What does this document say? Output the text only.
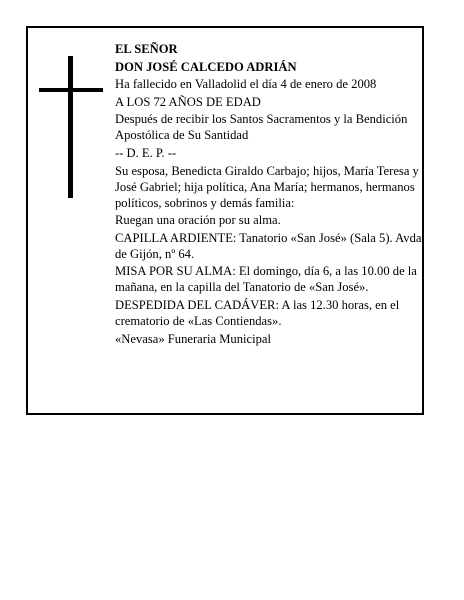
EL SEÑOR

DON JOSÉ CALCEDO ADRIÁN

Ha fallecido en Valladolid el día 4 de enero de 2008

A LOS 72 AÑOS DE EDAD

Después de recibir los Santos Sacramentos y la Bendición Apostólica de Su Santidad

-- D. E. P. --

Su esposa, Benedicta Giraldo Carbajo; hijos, María Teresa y José Gabriel; hija política, Ana María; hermanos, hermanos políticos, sobrinos y demás familia:

Ruegan una oración por su alma.

CAPILLA ARDIENTE: Tanatorio «San José» (Sala 5). Avda. de Gijón, nº 64.

MISA POR SU ALMA: El domingo, día 6, a las 10.00 de la mañana, en la capilla del Tanatorio de «San José».

DESPEDIDA DEL CADÁVER: A las 12.30 horas, en el crematorio de «Las Contiendas».

«Nevasa» Funeraria Municipal
